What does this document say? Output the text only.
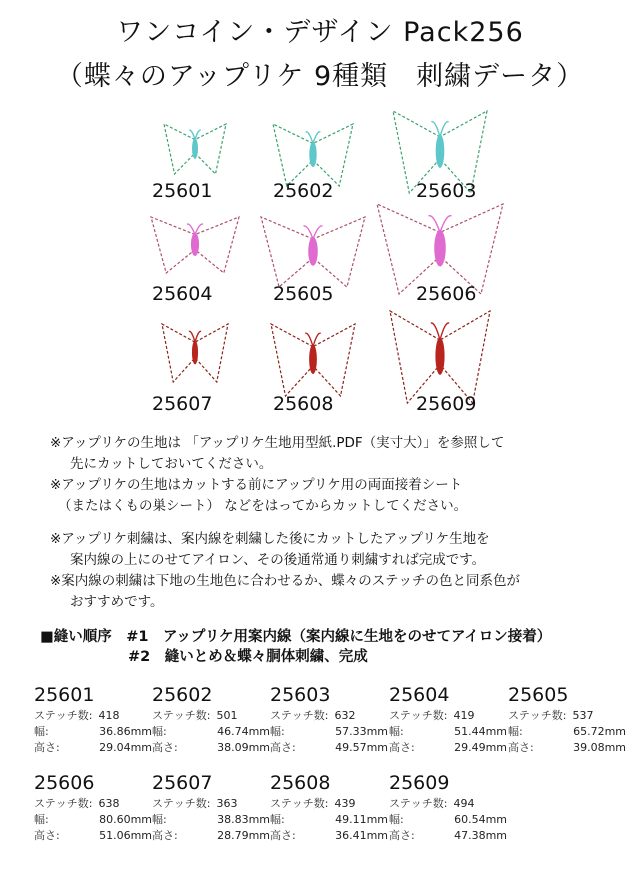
ワンコイン・デザイン Pack256
（蝶々のアップリケ 9種類　刺繍データ）
25601	25602	25603
25604	25605	25606
25607	25608	25609
※アップリケの生地は 「アップリケ生地用型紙.PDF（実寸大）」を参照して
先にカットしておいてください。
※アップリケの生地はカットする前にアップリケ用の両面接着シート
（またはくもの巣シート） などをはってからカットしてください。
※アップリケ刺繍は、案内線を刺繍した後にカットしたアップリケ生地を
案内線の上にのせてアイロン、その後通常通り刺繍すれば完成です。
※案内線の刺繍は下地の生地色に合わせるか、蝶々のステッチの色と同系色が
おすすめです。
■縫い順序　#1　アップリケ用案内線（案内線に生地をのせてアイロン接着）
#2　縫いとめ＆蝶々胴体刺繍、完成
25601
ステッチ数: 418
幅:	36.86mm
高さ:	29.04mm
25602
ステッチ数: 501
幅:	46.74mm
高さ:	38.09mm
25603
ステッチ数: 632
幅:	57.33mm
高さ:	49.57mm
25604
ステッチ数: 419
幅:	51.44mm
高さ:	29.49mm
25605
ステッチ数: 537
幅:	65.72mm
高さ:	39.08mm
25606
ステッチ数: 638
幅:	80.60mm
高さ:	51.06mm
25607
ステッチ数: 363
幅:	38.83mm
高さ:	28.79mm
25608
ステッチ数: 439
幅:	49.11mm
高さ:	36.41mm
25609
ステッチ数: 494
幅:	60.54mm
高さ:	47.38mm
